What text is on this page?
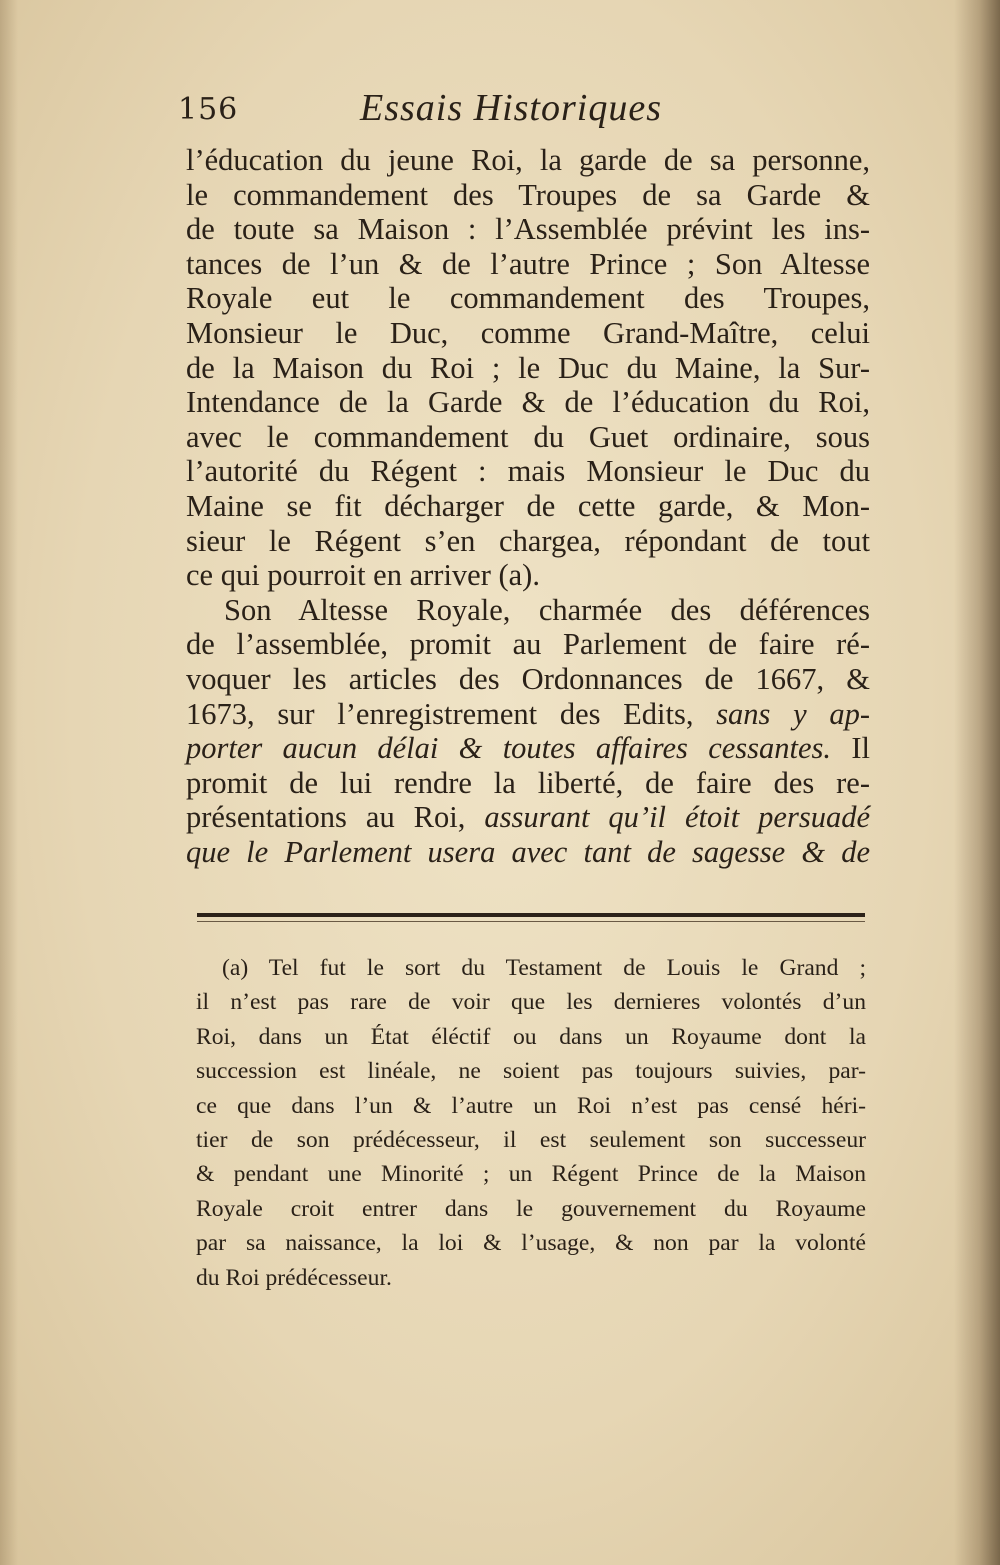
156	Essais Historiques
l’éducation du jeune Roi, la garde de sa personne,
le commandement des Troupes de sa Garde &
de toute sa Maison : l’Assemblée prévint les ins-
tances de l’un & de l’autre Prince ; Son Altesse
Royale eut le commandement des Troupes,
Monsieur le Duc, comme Grand-Maître, celui
de la Maison du Roi ; le Duc du Maine, la Sur-
Intendance de la Garde & de l’éducation du Roi,
avec le commandement du Guet ordinaire, sous
l’autorité du Régent : mais Monsieur le Duc du
Maine se fit décharger de cette garde, & Mon-
sieur le Régent s’en chargea, répondant de tout
ce qui pourroit en arriver (a).
Son Altesse Royale, charmée des déférences
de l’assemblée, promit au Parlement de faire ré-
voquer les articles des Ordonnances de 1667, &
1673, sur l’enregistrement des Edits, sans y ap-
porter aucun délai & toutes affaires cessantes. Il
promit de lui rendre la liberté, de faire des re-
présentations au Roi, assurant qu’il étoit persuadé
que le Parlement usera avec tant de sagesse & de
(a) Tel fut le sort du Testament de Louis le Grand ;
il n’est pas rare de voir que les dernieres volontés d’un
Roi, dans un État éléctif ou dans un Royaume dont la
succession est linéale, ne soient pas toujours suivies, par-
ce que dans l’un & l’autre un Roi n’est pas censé héri-
tier de son prédécesseur, il est seulement son successeur
& pendant une Minorité ; un Régent Prince de la Maison
Royale croit entrer dans le gouvernement du Royaume
par sa naissance, la loi & l’usage, & non par la volonté
du Roi prédécesseur.
